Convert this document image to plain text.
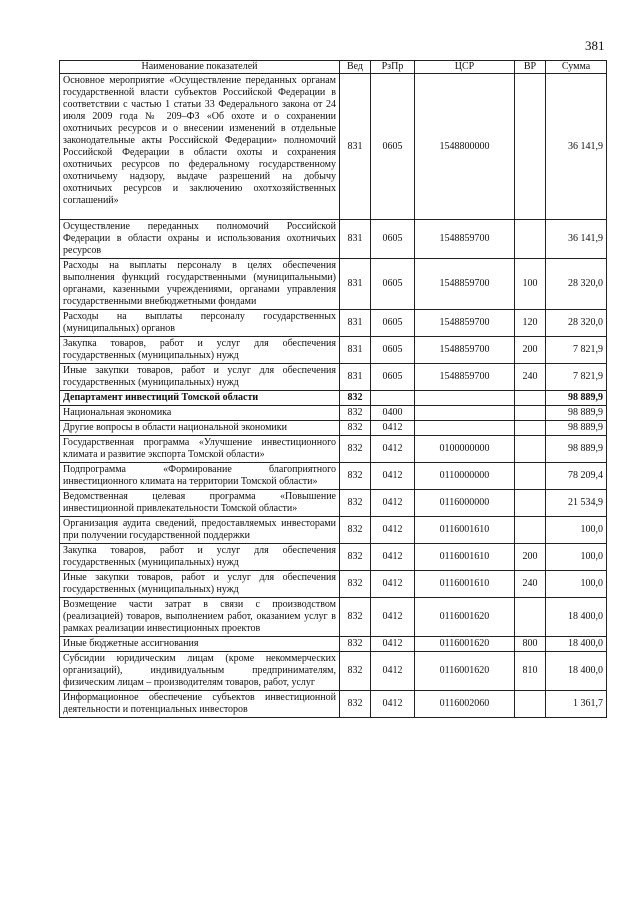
381
Наименование показателей	Вед	РзПр	ЦСР	ВР	Сумма
Основное мероприятие «Осуществление переданных органам государственной власти субъектов Российской Федерации в соответствии с частью 1 статьи 33 Федерального закона от 24 июля 2009 года № 209–ФЗ «Об охоте и о сохранении охотничьих ресурсов и о внесении изменений в отдельные законодательные акты Российской Федерации» полномочий Российской Федерации в области охоты и сохранения охотничьих ресурсов по федеральному государственному охотничьему надзору, выдаче разрешений на добычу охотничьих ресурсов и заключению охотхозяйственных соглашений»	831	0605	1548800000		36 141,9
Осуществление переданных полномочий Российской Федерации в области охраны и использования охотничьих ресурсов	831	0605	1548859700		36 141,9
Расходы на выплаты персоналу в целях обеспечения выполнения функций государственными (муниципальными) органами, казенными учреждениями, органами управления государственными внебюджетными фондами	831	0605	1548859700	100	28 320,0
Расходы на выплаты персоналу государственных (муниципальных) органов	831	0605	1548859700	120	28 320,0
Закупка товаров, работ и услуг для обеспечения государственных (муниципальных) нужд	831	0605	1548859700	200	7 821,9
Иные закупки товаров, работ и услуг для обеспечения государственных (муниципальных) нужд	831	0605	1548859700	240	7 821,9
Департамент инвестиций Томской области	832				98 889,9
Национальная экономика	832	0400			98 889,9
Другие вопросы в области национальной экономики	832	0412			98 889,9
Государственная программа «Улучшение инвестиционного климата и развитие экспорта Томской области»	832	0412	0100000000		98 889,9
Подпрограмма «Формирование благоприятного инвестиционного климата на территории Томской области»	832	0412	0110000000		78 209,4
Ведомственная целевая программа «Повышение инвестиционной привлекательности Томской области»	832	0412	0116000000		21 534,9
Организация аудита сведений, предоставляемых инвесторами при получении государственной поддержки	832	0412	0116001610		100,0
Закупка товаров, работ и услуг для обеспечения государственных (муниципальных) нужд	832	0412	0116001610	200	100,0
Иные закупки товаров, работ и услуг для обеспечения государственных (муниципальных) нужд	832	0412	0116001610	240	100,0
Возмещение части затрат в связи с производством (реализацией) товаров, выполнением работ, оказанием услуг в рамках реализации инвестиционных проектов	832	0412	0116001620		18 400,0
Иные бюджетные ассигнования	832	0412	0116001620	800	18 400,0
Субсидии юридическим лицам (кроме некоммерческих организаций), индивидуальным предпринимателям, физическим лицам – производителям товаров, работ, услуг	832	0412	0116001620	810	18 400,0
Информационное обеспечение субъектов инвестиционной деятельности и потенциальных инвесторов	832	0412	0116002060		1 361,7
